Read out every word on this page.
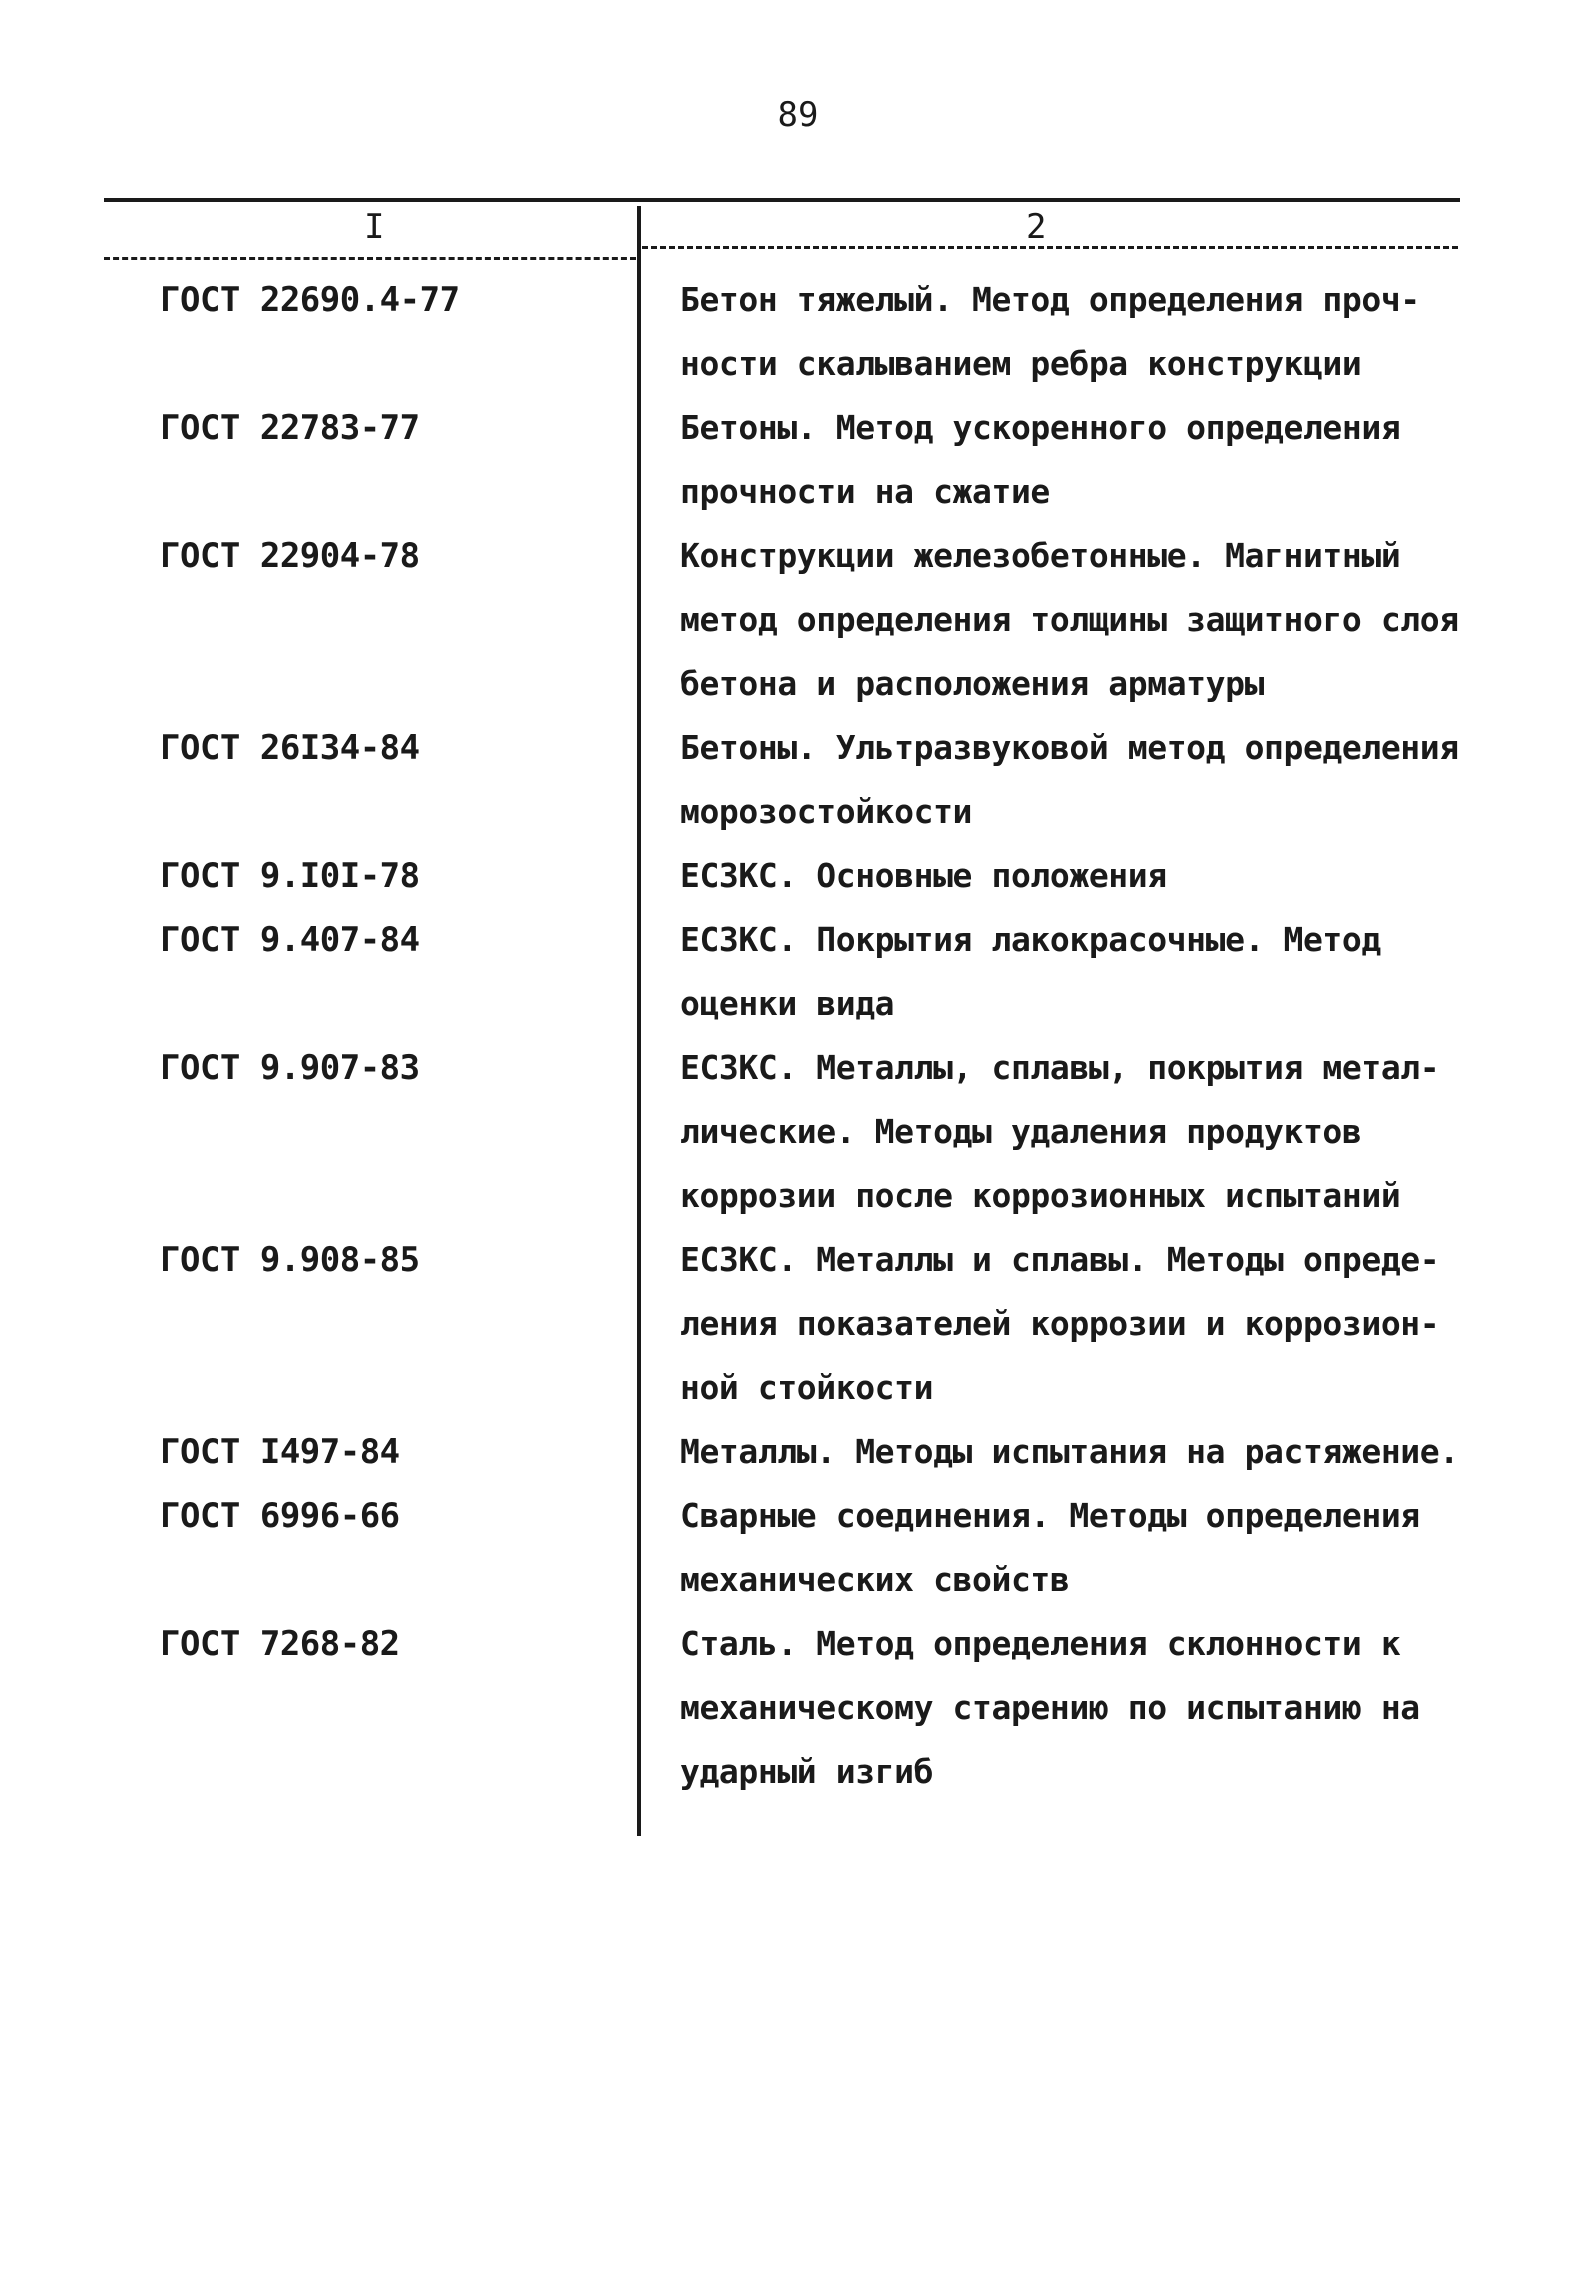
89
I	2
ГОСТ 22690.4-77	Бетон тяжелый. Метод определения проч-
ности скалыванием ребра конструкции
ГОСТ 22783-77	Бетоны. Метод ускоренного определения
прочности на сжатие
ГОСТ 22904-78	Конструкции железобетонные. Магнитный
метод определения толщины защитного слоя
бетона и расположения арматуры
ГОСТ 26I34-84	Бетоны. Ультразвуковой метод определения
морозостойкости
ГОСТ 9.I0I-78	ЕСЗКС. Основные положения
ГОСТ 9.407-84	ЕСЗКС. Покрытия лакокрасочные. Метод
оценки вида
ГОСТ 9.907-83	ЕСЗКС. Металлы, сплавы, покрытия метал-
лические. Методы удаления продуктов
коррозии после коррозионных испытаний
ГОСТ 9.908-85	ЕСЗКС. Металлы и сплавы. Методы опреде-
ления показателей коррозии и коррозион-
ной стойкости
ГОСТ I497-84	Металлы. Методы испытания на растяжение.
ГОСТ 6996-66	Сварные соединения. Методы определения
механических свойств
ГОСТ 7268-82	Сталь. Метод определения склонности к
механическому старению по испытанию на
ударный изгиб
